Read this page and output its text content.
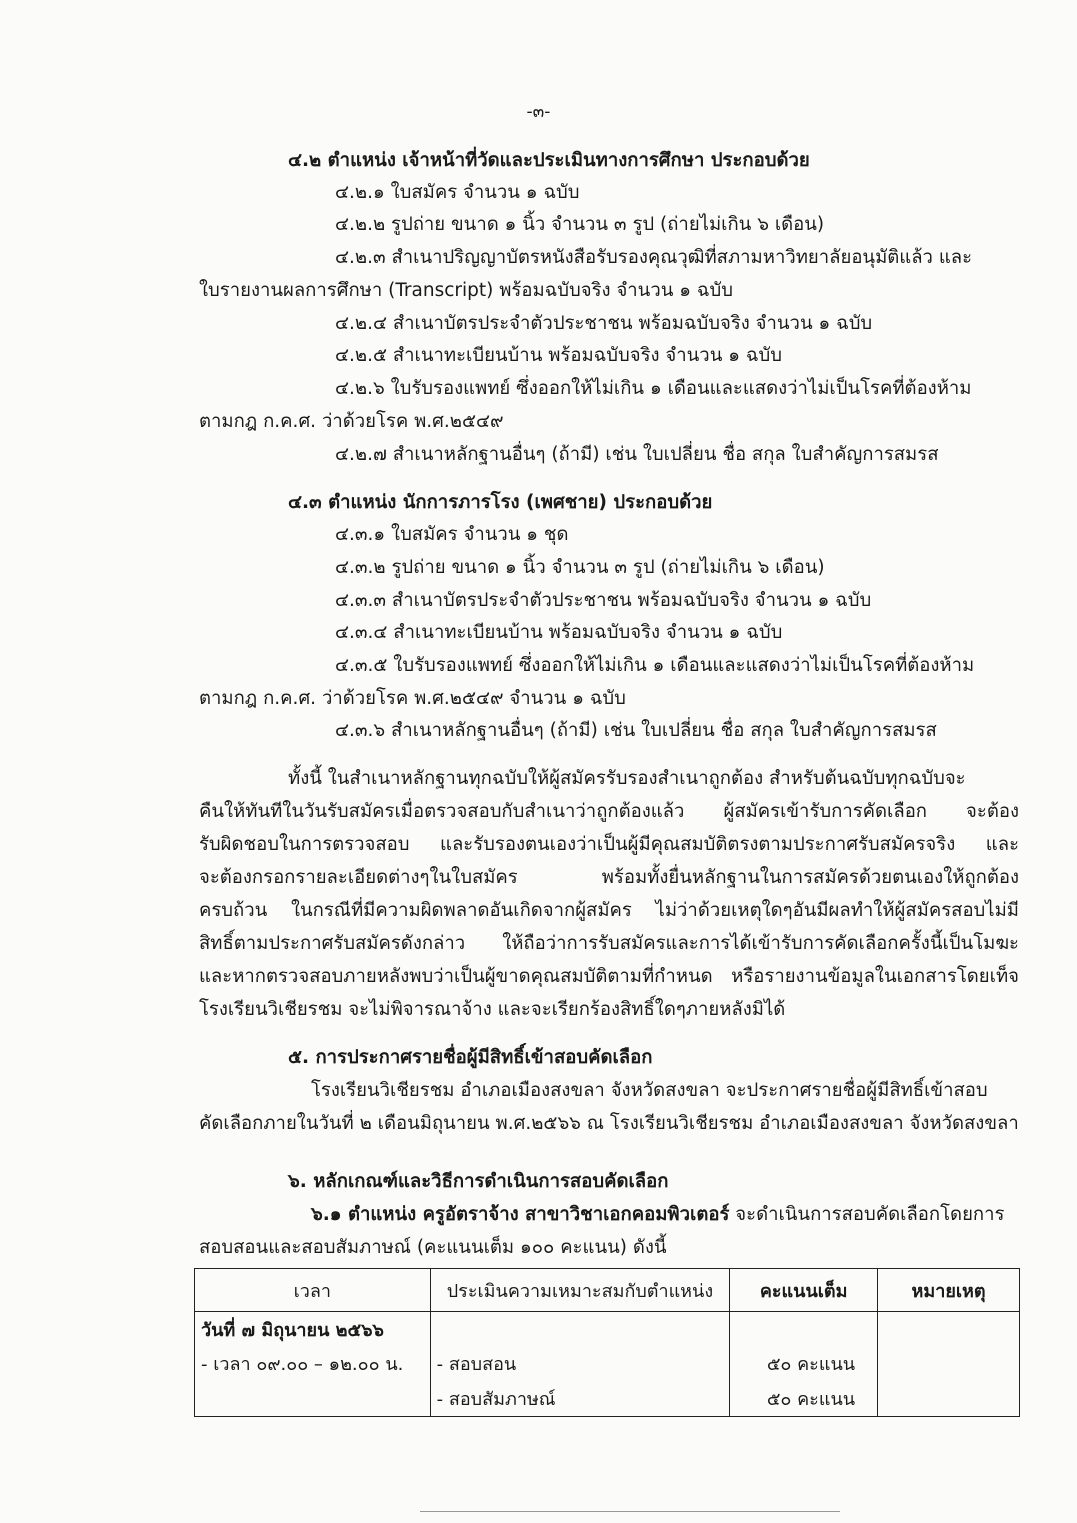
-๓-
๔.๒ ตำแหน่ง เจ้าหน้าที่วัดและประเมินทางการศึกษา ประกอบด้วย
๔.๒.๑ ใบสมัคร จำนวน ๑ ฉบับ
๔.๒.๒ รูปถ่าย ขนาด ๑ นิ้ว จำนวน ๓ รูป (ถ่ายไม่เกิน ๖ เดือน)
๔.๒.๓ สำเนาปริญญาบัตรหนังสือรับรองคุณวุฒิที่สภามหาวิทยาลัยอนุมัติแล้ว และ
ใบรายงานผลการศึกษา (Transcript) พร้อมฉบับจริง จำนวน ๑ ฉบับ
๔.๒.๔ สำเนาบัตรประจำตัวประชาชน พร้อมฉบับจริง จำนวน ๑ ฉบับ
๔.๒.๕ สำเนาทะเบียนบ้าน พร้อมฉบับจริง จำนวน ๑ ฉบับ
๔.๒.๖ ใบรับรองแพทย์ ซึ่งออกให้ไม่เกิน ๑ เดือนและแสดงว่าไม่เป็นโรคที่ต้องห้าม
ตามกฎ ก.ค.ศ. ว่าด้วยโรค พ.ศ.๒๕๔๙
๔.๒.๗ สำเนาหลักฐานอื่นๆ (ถ้ามี) เช่น ใบเปลี่ยน ชื่อ สกุล ใบสำคัญการสมรส
๔.๓ ตำแหน่ง นักการภารโรง (เพศชาย) ประกอบด้วย
๔.๓.๑ ใบสมัคร จำนวน ๑ ชุด
๔.๓.๒ รูปถ่าย ขนาด ๑ นิ้ว จำนวน ๓ รูป (ถ่ายไม่เกิน ๖ เดือน)
๔.๓.๓ สำเนาบัตรประจำตัวประชาชน พร้อมฉบับจริง จำนวน ๑ ฉบับ
๔.๓.๔ สำเนาทะเบียนบ้าน พร้อมฉบับจริง จำนวน ๑ ฉบับ
๔.๓.๕ ใบรับรองแพทย์ ซึ่งออกให้ไม่เกิน ๑ เดือนและแสดงว่าไม่เป็นโรคที่ต้องห้าม
ตามกฎ ก.ค.ศ. ว่าด้วยโรค พ.ศ.๒๕๔๙ จำนวน ๑ ฉบับ
๔.๓.๖ สำเนาหลักฐานอื่นๆ (ถ้ามี) เช่น ใบเปลี่ยน ชื่อ สกุล ใบสำคัญการสมรส
ทั้งนี้ ในสำเนาหลักฐานทุกฉบับให้ผู้สมัครรับรองสำเนาถูกต้อง สำหรับต้นฉบับทุกฉบับจะ
คืนให้ทันทีในวันรับสมัครเมื่อตรวจสอบกับสำเนาว่าถูกต้องแล้ว ผู้สมัครเข้ารับการคัดเลือก จะต้อง
รับผิดชอบในการตรวจสอบ และรับรองตนเองว่าเป็นผู้มีคุณสมบัติตรงตามประกาศรับสมัครจริง และ
จะต้องกรอกรายละเอียดต่างๆในใบสมัคร พร้อมทั้งยื่นหลักฐานในการสมัครด้วยตนเองให้ถูกต้อง
ครบถ้วน ในกรณีที่มีความผิดพลาดอันเกิดจากผู้สมัคร ไม่ว่าด้วยเหตุใดๆอันมีผลทำให้ผู้สมัครสอบไม่มี
สิทธิ์ตามประกาศรับสมัครดังกล่าว ให้ถือว่าการรับสมัครและการได้เข้ารับการคัดเลือกครั้งนี้เป็นโมฆะ
และหากตรวจสอบภายหลังพบว่าเป็นผู้ขาดคุณสมบัติตามที่กำหนด หรือรายงานข้อมูลในเอกสารโดยเท็จ
โรงเรียนวิเชียรชม จะไม่พิจารณาจ้าง และจะเรียกร้องสิทธิ์ใดๆภายหลังมิได้
๕. การประกาศรายชื่อผู้มีสิทธิ์เข้าสอบคัดเลือก
โรงเรียนวิเชียรชม อำเภอเมืองสงขลา จังหวัดสงขลา จะประกาศรายชื่อผู้มีสิทธิ์เข้าสอบ
คัดเลือกภายในวันที่ ๒ เดือนมิถุนายน พ.ศ.๒๕๖๖ ณ โรงเรียนวิเชียรชม อำเภอเมืองสงขลา จังหวัดสงขลา
๖. หลักเกณฑ์และวิธีการดำเนินการสอบคัดเลือก
๖.๑ ตำแหน่ง ครูอัตราจ้าง สาขาวิชาเอกคอมพิวเตอร์ จะดำเนินการสอบคัดเลือกโดยการ
สอบสอนและสอบสัมภาษณ์ (คะแนนเต็ม ๑๐๐ คะแนน) ดังนี้
เวลา	ประเมินความเหมาะสมกับตำแหน่ง	คะแนนเต็ม	หมายเหตุ
วันที่ ๗ มิถุนายน ๒๕๖๖			
- เวลา ๐๙.๐๐ – ๑๒.๐๐ น.	- สอบสอน	๕๐ คะแนน	
	- สอบสัมภาษณ์	๕๐ คะแนน	
